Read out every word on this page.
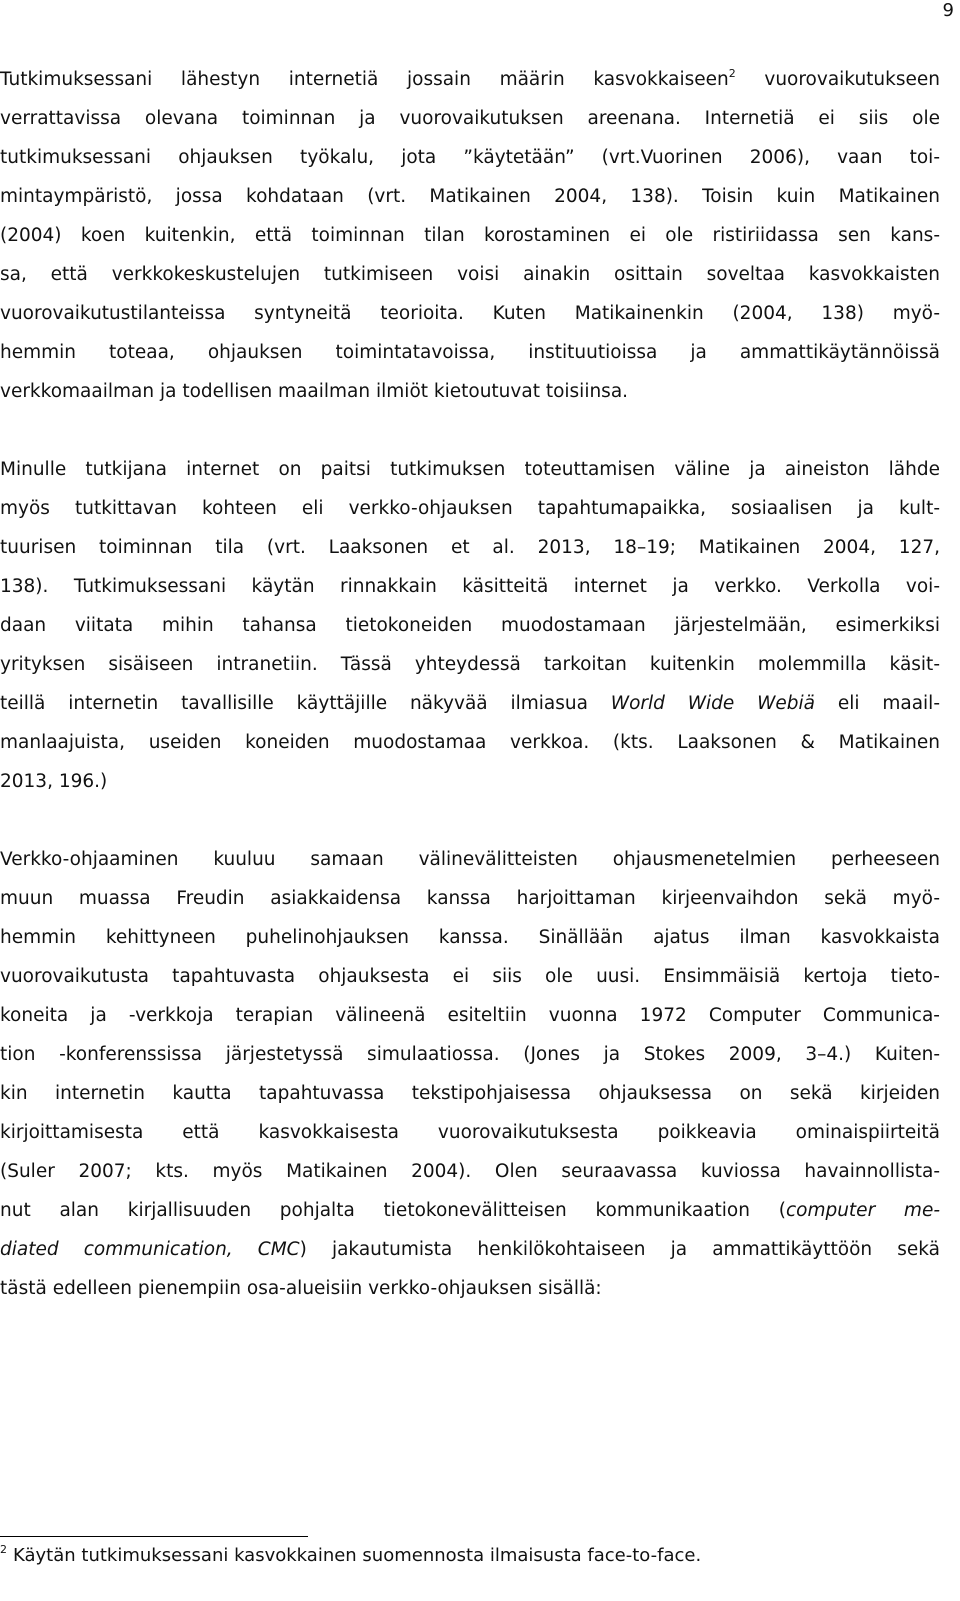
9
Tutkimuksessani lähestyn internetiä jossain määrin kasvokkaiseen$^2$ vuorovaikutukseen
verrattavissa olevana toiminnan ja vuorovaikutuksen areenana. Internetiä ei siis ole
tutkimuksessani ohjauksen työkalu, jota ”käytetään” (vrt.Vuorinen 2006), vaan toi-
mintaympäristö, jossa kohdataan (vrt. Matikainen 2004, 138). Toisin kuin Matikainen
(2004) koen kuitenkin, että toiminnan tilan korostaminen ei ole ristiriidassa sen kans-
sa, että verkkokeskustelujen tutkimiseen voisi ainakin osittain soveltaa kasvokkaisten
vuorovaikutustilanteissa syntyneitä teorioita. Kuten Matikainenkin (2004, 138) myö-
hemmin toteaa, ohjauksen toimintatavoissa, instituutioissa ja ammattikäytännöissä
verkkomaailman ja todellisen maailman ilmiöt kietoutuvat toisiinsa.
Minulle tutkijana internet on paitsi tutkimuksen toteuttamisen väline ja aineiston lähde
myös tutkittavan kohteen eli verkko-ohjauksen tapahtumapaikka, sosiaalisen ja kult-
tuurisen toiminnan tila (vrt. Laaksonen et al. 2013, 18–19; Matikainen 2004, 127,
138). Tutkimuksessani käytän rinnakkain käsitteitä internet ja verkko. Verkolla voi-
daan viitata mihin tahansa tietokoneiden muodostamaan järjestelmään, esimerkiksi
yrityksen sisäiseen intranetiin. Tässä yhteydessä tarkoitan kuitenkin molemmilla käsit-
teillä internetin tavallisille käyttäjille näkyvää ilmiasua World Wide Webiä eli maail-
manlaajuista, useiden koneiden muodostamaa verkkoa. (kts. Laaksonen & Matikainen
2013, 196.)
Verkko-ohjaaminen kuuluu samaan välinevälitteisten ohjausmenetelmien perheeseen
muun muassa Freudin asiakkaidensa kanssa harjoittaman kirjeenvaihdon sekä myö-
hemmin kehittyneen puhelinohjauksen kanssa. Sinällään ajatus ilman kasvokkaista
vuorovaikutusta tapahtuvasta ohjauksesta ei siis ole uusi. Ensimmäisiä kertoja tieto-
koneita ja -verkkoja terapian välineenä esiteltiin vuonna 1972 Computer Communica-
tion -konferenssissa järjestetyssä simulaatiossa. (Jones ja Stokes 2009, 3–4.) Kuiten-
kin internetin kautta tapahtuvassa tekstipohjaisessa ohjauksessa on sekä kirjeiden
kirjoittamisesta että kasvokkaisesta vuorovaikutuksesta poikkeavia ominaispiirteitä
(Suler 2007; kts. myös Matikainen 2004). Olen seuraavassa kuviossa havainnollista-
nut alan kirjallisuuden pohjalta tietokonevälitteisen kommunikaation (computer me-
diated communication, CMC) jakautumista henkilökohtaiseen ja ammattikäyttöön sekä
tästä edelleen pienempiin osa-alueisiin verkko-ohjauksen sisällä:
$^2$ Käytän tutkimuksessani kasvokkainen suomennosta ilmaisusta face-to-face.
